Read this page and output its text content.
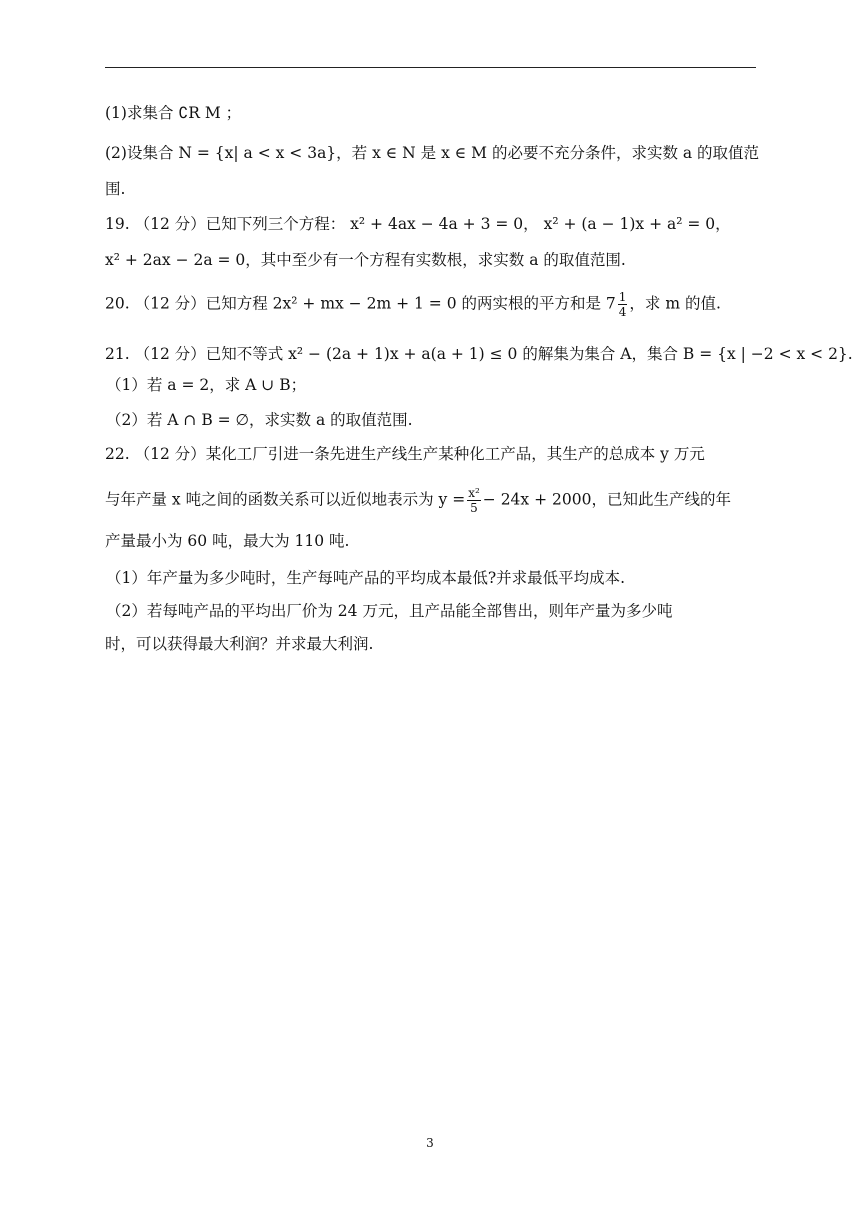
(1)求集合 ∁R M ；
(2)设集合 N = {x| a < x < 3a}，若 x ∈ N 是 x ∈ M 的必要不充分条件，求实数 a 的取值范
围.
19. （12 分）已知下列三个方程： x² + 4ax − 4a + 3 = 0， x² + (a − 1)x + a² = 0，
x² + 2ax − 2a = 0，其中至少有一个方程有实数根，求实数 a 的取值范围.
20. （12 分）已知方程 2x² + mx − 2m + 1 = 0 的两实根的平方和是 $7 \frac{1}{4}$ ，求 m 的值.
21. （12 分）已知不等式 x² − (2a + 1)x + a(a + 1) ≤ 0 的解集为集合 A，集合 B = {x | −2 < x < 2}.
（1）若 a = 2，求 A ∪ B；
（2）若 A ∩ B = ∅，求实数 a 的取值范围.
22. （12 分）某化工厂引进一条先进生产线生产某种化工产品，其生产的总成本 y 万元
与年产量 x 吨之间的函数关系可以近似地表示为 $y = \frac{\text{x²}}{5} - 24x + 2000$，已知此生产线的年
产量最小为 60 吨，最大为 110 吨.
（1）年产量为多少吨时，生产每吨产品的平均成本最低?并求最低平均成本.
（2）若每吨产品的平均出厂价为 24 万元，且产品能全部售出，则年产量为多少吨
时，可以获得最大利润？并求最大利润.
3
